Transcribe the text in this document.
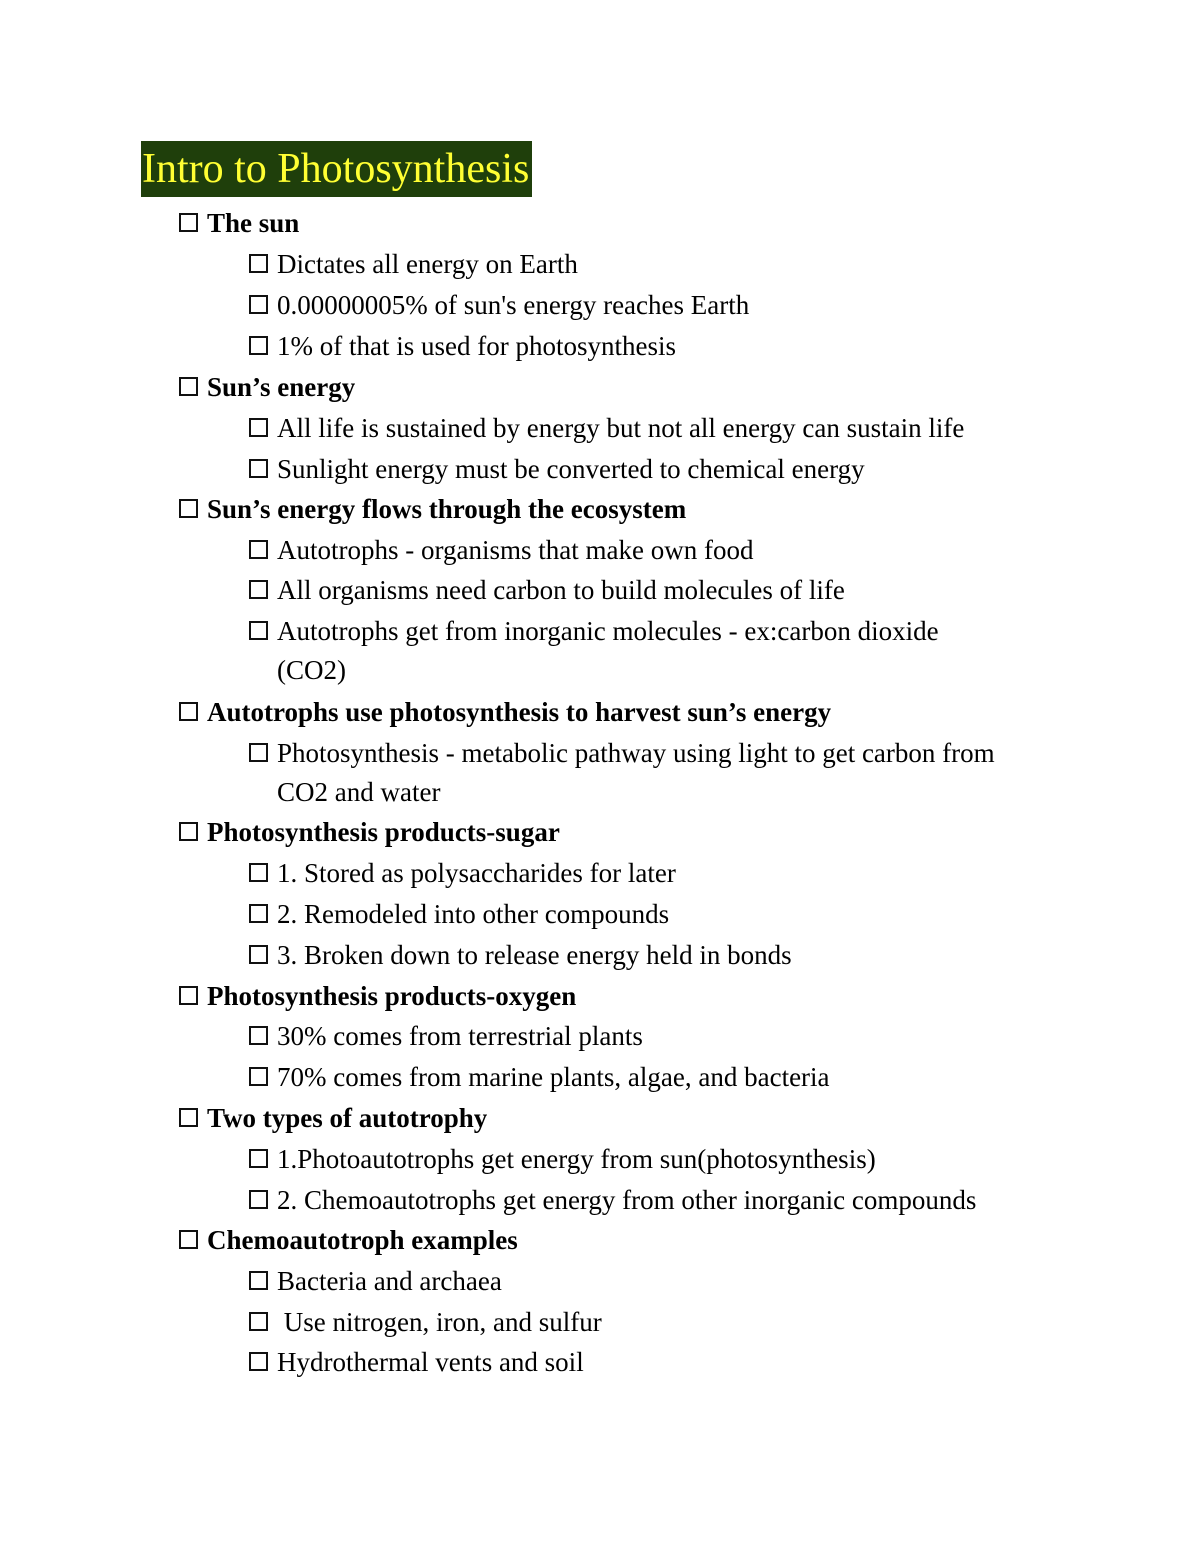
Intro to Photosynthesis
The sun
Dictates all energy on Earth
0.00000005% of sun's energy reaches Earth
1% of that is used for photosynthesis
Sun’s energy
All life is sustained by energy but not all energy can sustain life
Sunlight energy must be converted to chemical energy
Sun’s energy flows through the ecosystem
Autotrophs - organisms that make own food
All organisms need carbon to build molecules of life
Autotrophs get from inorganic molecules - ex:carbon dioxide (CO2)
Autotrophs use photosynthesis to harvest sun’s energy
Photosynthesis - metabolic pathway using light to get carbon from CO2 and water
Photosynthesis products-sugar
1. Stored as polysaccharides for later
2. Remodeled into other compounds
3. Broken down to release energy held in bonds
Photosynthesis products-oxygen
30% comes from terrestrial plants
70% comes from marine plants, algae, and bacteria
Two types of autotrophy
1.Photoautotrophs get energy from sun(photosynthesis)
2. Chemoautotrophs get energy from other inorganic compounds
Chemoautotroph examples
Bacteria and archaea
Use nitrogen, iron, and sulfur
Hydrothermal vents and soil
